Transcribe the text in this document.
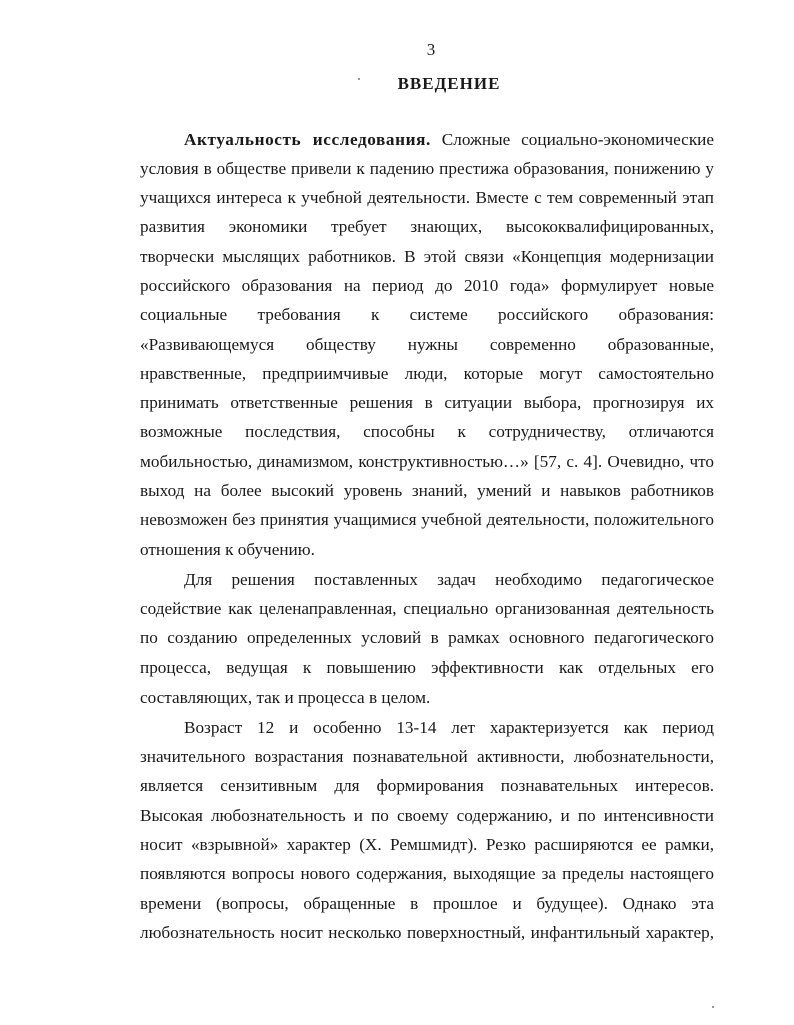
3
ВВЕДЕНИЕ
Актуальность исследования. Сложные социально-экономические
условия в обществе привели к падению престижа образования, понижению у
учащихся интереса к учебной деятельности. Вместе с тем современный этап
развития экономики требует знающих, высококвалифицированных,
творчески мыслящих работников. В этой связи «Концепция модернизации
российского образования на период до 2010 года» формулирует новые
социальные требования к системе российского образования:
«Развивающемуся обществу нужны современно образованные,
нравственные, предприимчивые люди, которые могут самостоятельно
принимать ответственные решения в ситуации выбора, прогнозируя их
возможные последствия, способны к сотрудничеству, отличаются
мобильностью, динамизмом, конструктивностью…» [57, с. 4]. Очевидно, что
выход на более высокий уровень знаний, умений и навыков работников
невозможен без принятия учащимися учебной деятельности, положительного
отношения к обучению.
Для решения поставленных задач необходимо педагогическое
содействие как целенаправленная, специально организованная деятельность
по созданию определенных условий в рамках основного педагогического
процесса, ведущая к повышению эффективности как отдельных его
составляющих, так и процесса в целом.
Возраст 12 и особенно 13-14 лет характеризуется как период
значительного возрастания познавательной активности, любознательности,
является сензитивным для формирования познавательных интересов.
Высокая любознательность и по своему содержанию, и по интенсивности
носит «взрывной» характер (Х. Ремшмидт). Резко расширяются ее рамки,
появляются вопросы нового содержания, выходящие за пределы настоящего
времени (вопросы, обращенные в прошлое и будущее). Однако эта
любознательность носит несколько поверхностный, инфантильный характер,
